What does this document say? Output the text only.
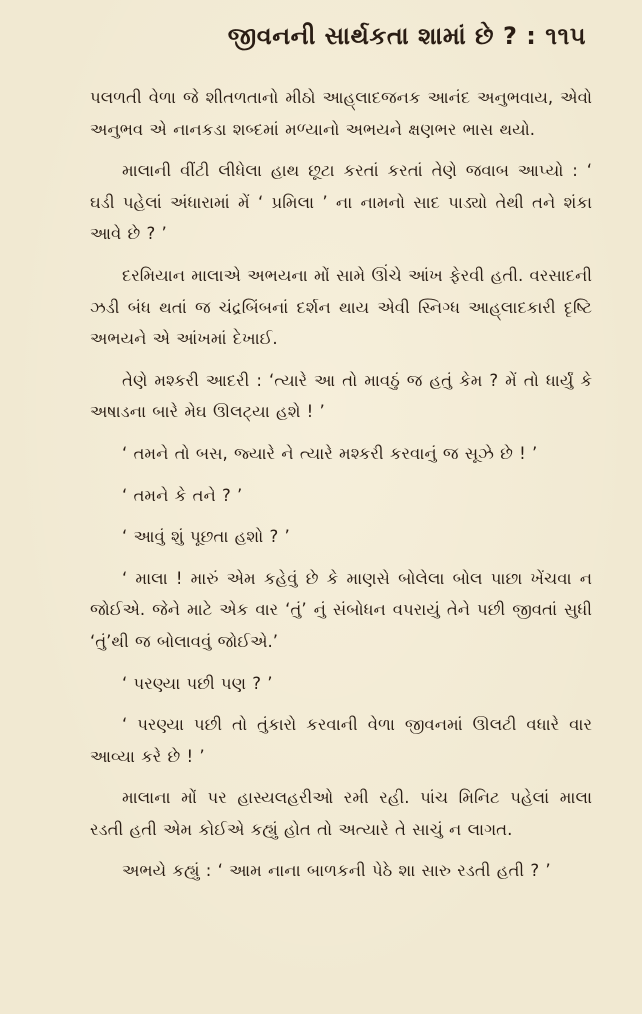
જીવનની સાર્થકતા શામાં છે ? : ૧૧૫

પલળતી વેળા જે શીતળતાનો મીઠો આહ્‌લાદજનક આનંદ અનુભવાય, એવો અનુભવ એ નાનકડા શબ્દમાં મળ્યાનો અભયને ક્ષણભર ભાસ થયો.

માલાની વીંટી લીધેલા હાથ છૂટા કરતાં કરતાં તેણે જવાબ આપ્યો : ‘ ઘડી પહેલાં અંધારામાં મેં ‘ પ્રમિલા ’ ના નામનો સાદ પાડ્યો તેથી તને શંકા આવે છે ? ’

દરમિયાન માલાએ અભયના મોં સામે ઊંચે આંખ ફેરવી હતી. વરસાદની ઝડી બંધ થતાં જ ચંદ્રબિંબનાં દર્શન થાય એવી સ્નિગ્ધ આહ્‌લાદકારી દૃષ્ટિ અભયને એ આંખમાં દેખાઈ.

તેણે મશ્કરી આદરી : ‘ત્યારે આ તો માવઠું જ હતું કેમ ? મેં તો ધાર્યું કે અષાડના બારે મેઘ ઊલટ્યા હશે ! ’

‘ તમને તો બસ, જ્યારે ને ત્યારે મશ્કરી કરવાનું જ સૂઝે છે ! ’

‘ તમને કે તને ? ’

‘ આવું શું પૂછતા હશો ? ’

‘ માલા ! મારું એમ કહેવું છે કે માણસે બોલેલા બોલ પાછા ખેંચવા ન જોઈએ. જેને માટે એક વાર ‘તું’ નું સંબોધન વપરાયું તેને પછી જીવતાં સુધી ‘તું’થી જ બોલાવવું જોઈએ.’

‘ પરણ્યા પછી પણ ? ’

‘ પરણ્યા પછી તો તુંકારો કરવાની વેળા જીવનમાં ઊલટી વધારે વાર આવ્યા કરે છે ! ’

માલાના મોં પર હાસ્યલહરીઓ રમી રહી. પાંચ મિનિટ પહેલાં માલા રડતી હતી એમ કોઈએ કહ્યું હોત તો અત્યારે તે સાચું ન લાગત.

અભયે કહ્યું : ‘ આમ નાના બાળકની પેઠે શા સારુ રડતી હતી ? ’
